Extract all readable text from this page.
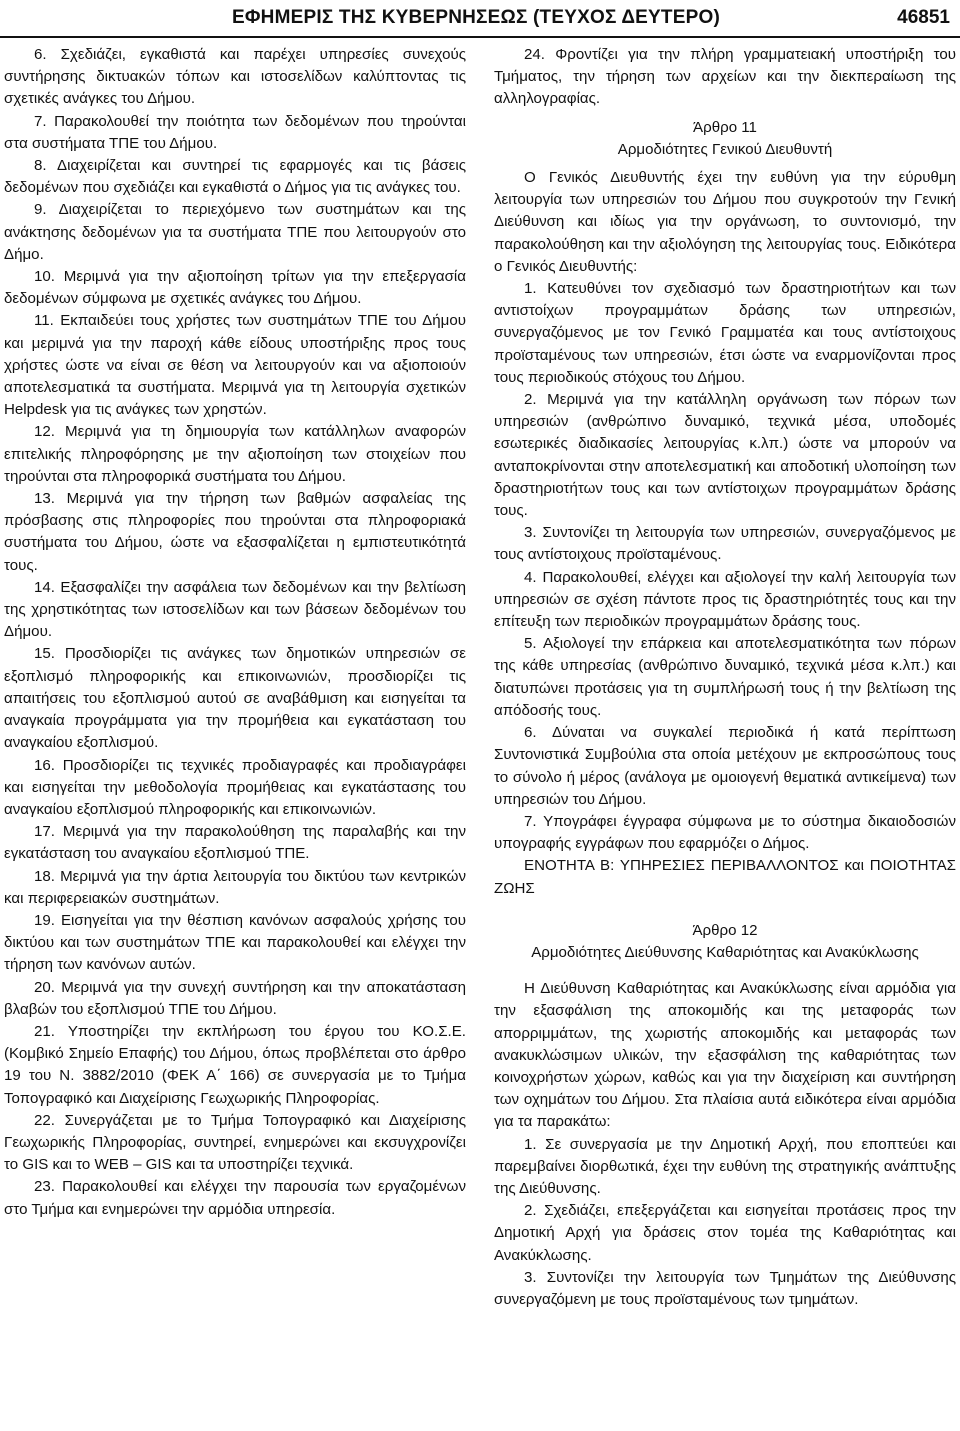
ΕΦΗΜΕΡΙΣ ΤΗΣ ΚΥΒΕΡΝΗΣΕΩΣ (ΤΕΥΧΟΣ ΔΕΥΤΕΡΟ)	46851

6. Σχεδιάζει, εγκαθιστά και παρέχει υπηρεσίες συνεχούς συντήρησης δικτυακών τόπων και ιστοσελίδων καλύπτοντας τις σχετικές ανάγκες του Δήμου.

7. Παρακολουθεί την ποιότητα των δεδομένων που τηρούνται στα συστήματα ΤΠΕ του Δήμου.

8. Διαχειρίζεται και συντηρεί τις εφαρμογές και τις βάσεις δεδομένων που σχεδιάζει και εγκαθιστά ο Δήμος για τις ανάγκες του.

9. Διαχειρίζεται το περιεχόμενο των συστημάτων και της ανάκτησης δεδομένων για τα συστήματα ΤΠΕ που λειτουργούν στο Δήμο.

10. Μεριμνά για την αξιοποίηση τρίτων για την επεξεργασία δεδομένων σύμφωνα με σχετικές ανάγκες του Δήμου.

11. Εκπαιδεύει τους χρήστες των συστημάτων ΤΠΕ του Δήμου και μεριμνά για την παροχή κάθε είδους υποστήριξης προς τους χρήστες ώστε να είναι σε θέση να λειτουργούν και να αξιοποιούν αποτελεσματικά τα συστήματα. Μεριμνά για τη λειτουργία σχετικών Helpdesk για τις ανάγκες των χρηστών.

12. Μεριμνά για τη δημιουργία των κατάλληλων αναφορών επιτελικής πληροφόρησης με την αξιοποίηση των στοιχείων που τηρούνται στα πληροφορικά συστήματα του Δήμου.

13. Μεριμνά για την τήρηση των βαθμών ασφαλείας της πρόσβασης στις πληροφορίες που τηρούνται στα πληροφοριακά συστήματα του Δήμου, ώστε να εξασφαλίζεται η εμπιστευτικότητά τους.

14. Εξασφαλίζει την ασφάλεια των δεδομένων και την βελτίωση της χρηστικότητας των ιστοσελίδων και των βάσεων δεδομένων του Δήμου.

15. Προσδιορίζει τις ανάγκες των δημοτικών υπηρεσιών σε εξοπλισμό πληροφορικής και επικοινωνιών, προσδιορίζει τις απαιτήσεις του εξοπλισμού αυτού σε αναβάθμιση και εισηγείται τα αναγκαία προγράμματα για την προμήθεια και εγκατάσταση του αναγκαίου εξοπλισμού.

16. Προσδιορίζει τις τεχνικές προδιαγραφές και προδιαγράφει και εισηγείται την μεθοδολογία προμήθειας και εγκατάστασης του αναγκαίου εξοπλισμού πληροφορικής και επικοινωνιών.

17. Μεριμνά για την παρακολούθηση της παραλαβής και την εγκατάσταση του αναγκαίου εξοπλισμού ΤΠΕ.

18. Μεριμνά για την άρτια λειτουργία του δικτύου των κεντρικών και περιφερειακών συστημάτων.

19. Εισηγείται για την θέσπιση κανόνων ασφαλούς χρήσης του δικτύου και των συστημάτων ΤΠΕ και παρακολουθεί και ελέγχει την τήρηση των κανόνων αυτών.

20. Μεριμνά για την συνεχή συντήρηση και την αποκατάσταση βλαβών του εξοπλισμού ΤΠΕ του Δήμου.

21. Υποστηρίζει την εκπλήρωση του έργου του ΚΟ.Σ.Ε. (Κομβικό Σημείο Επαφής) του Δήμου, όπως προβλέπεται στο άρθρο 19 του Ν. 3882/2010 (ΦΕΚ Α΄ 166) σε συνεργασία με το Τμήμα Τοπογραφικό και Διαχείρισης Γεωχωρικής Πληροφορίας.

22. Συνεργάζεται με το Τμήμα Τοπογραφικό και Διαχείρισης Γεωχωρικής Πληροφορίας, συντηρεί, ενημερώνει και εκσυγχρονίζει το GIS και το WEB – GIS και τα υποστηρίζει τεχνικά.

23. Παρακολουθεί και ελέγχει την παρουσία των εργαζομένων στο Τμήμα και ενημερώνει την αρμόδια υπηρεσία.

24. Φροντίζει για την πλήρη γραμματειακή υποστήριξη του Τμήματος, την τήρηση των αρχείων και την διεκπεραίωση της αλληλογραφίας.

Άρθρο 11

Αρμοδιότητες Γενικού Διευθυντή

Ο Γενικός Διευθυντής έχει την ευθύνη για την εύρυθμη λειτουργία των υπηρεσιών του Δήμου που συγκροτούν την Γενική Διεύθυνση και ιδίως για την οργάνωση, το συντονισμό, την παρακολούθηση και την αξιολόγηση της λειτουργίας τους. Ειδικότερα ο Γενικός Διευθυντής:

1. Κατευθύνει τον σχεδιασμό των δραστηριοτήτων και των αντιστοίχων προγραμμάτων δράσης των υπηρεσιών, συνεργαζόμενος με τον Γενικό Γραμματέα και τους αντίστοιχους προϊσταμένους των υπηρεσιών, έτσι ώστε να εναρμονίζονται προς τους περιοδικούς στόχους του Δήμου.

2. Μεριμνά για την κατάλληλη οργάνωση των πόρων των υπηρεσιών (ανθρώπινο δυναμικό, τεχνικά μέσα, υποδομές εσωτερικές διαδικασίες λειτουργίας κ.λπ.) ώστε να μπορούν να ανταποκρίνονται στην αποτελεσματική και αποδοτική υλοποίηση των δραστηριοτήτων τους και των αντίστοιχων προγραμμάτων δράσης τους.

3. Συντονίζει τη λειτουργία των υπηρεσιών, συνεργαζόμενος με τους αντίστοιχους προϊσταμένους.

4. Παρακολουθεί, ελέγχει και αξιολογεί την καλή λειτουργία των υπηρεσιών σε σχέση πάντοτε προς τις δραστηριότητές τους και την επίτευξη των περιοδικών προγραμμάτων δράσης τους.

5. Αξιολογεί την επάρκεια και αποτελεσματικότητα των πόρων της κάθε υπηρεσίας (ανθρώπινο δυναμικό, τεχνικά μέσα κ.λπ.) και διατυπώνει προτάσεις για τη συμπλήρωσή τους ή την βελτίωση της απόδοσής τους.

6. Δύναται να συγκαλεί περιοδικά ή κατά περίπτωση Συντονιστικά Συμβούλια στα οποία μετέχουν με εκπροσώπους τους το σύνολο ή μέρος (ανάλογα με ομοιογενή θεματικά αντικείμενα) των υπηρεσιών του Δήμου.

7. Υπογράφει έγγραφα σύμφωνα με το σύστημα δικαιοδοσιών υπογραφής εγγράφων που εφαρμόζει ο Δήμος.

ΕΝΟΤΗΤΑ Β: ΥΠΗΡΕΣΙΕΣ ΠΕΡΙΒΑΛΛΟΝΤΟΣ και ΠΟΙΟΤΗΤΑΣ ΖΩΗΣ

Άρθρο 12

Αρμοδιότητες Διεύθυνσης Καθαριότητας και Ανακύκλωσης

Η Διεύθυνση Καθαριότητας και Ανακύκλωσης είναι αρμόδια για την εξασφάλιση της αποκομιδής και της μεταφοράς των απορριμμάτων, της χωριστής αποκομιδής και μεταφοράς των ανακυκλώσιμων υλικών, την εξασφάλιση της καθαριότητας των κοινοχρήστων χώρων, καθώς και για την διαχείριση και συντήρηση των οχημάτων του Δήμου. Στα πλαίσια αυτά ειδικότερα είναι αρμόδια για τα παρακάτω:

1. Σε συνεργασία με την Δημοτική Αρχή, που εποπτεύει και παρεμβαίνει διορθωτικά, έχει την ευθύνη της στρατηγικής ανάπτυξης της Διεύθυνσης.

2. Σχεδιάζει, επεξεργάζεται και εισηγείται προτάσεις προς την Δημοτική Αρχή για δράσεις στον τομέα της Καθαριότητας και Ανακύκλωσης.

3. Συντονίζει την λειτουργία των Τμημάτων της Διεύθυνσης συνεργαζόμενη με τους προϊσταμένους των τμημάτων.
